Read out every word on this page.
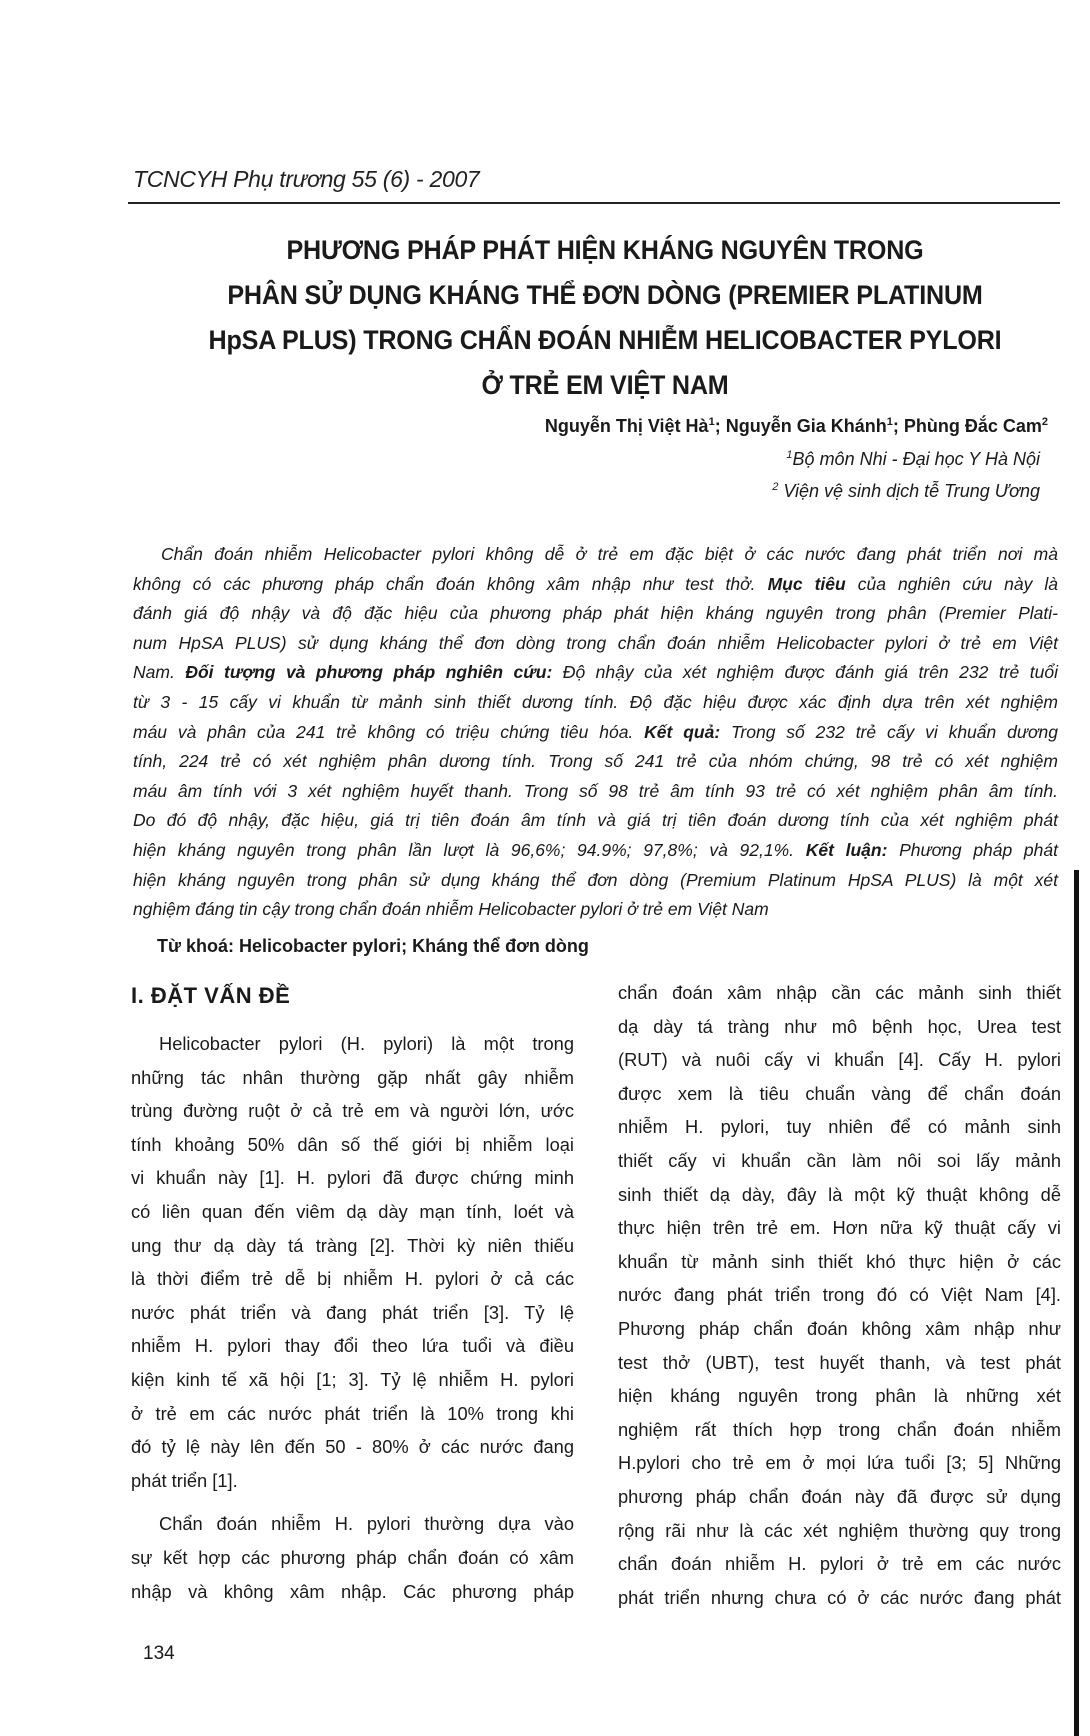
TCNCYH Phụ trương 55 (6) - 2007
PHƯƠNG PHÁP PHÁT HIỆN KHÁNG NGUYÊN TRONG
PHÂN SỬ DỤNG KHÁNG THỂ ĐƠN DÒNG (PREMIER PLATINUM
HpSA PLUS) TRONG CHẨN ĐOÁN NHIỄM HELICOBACTER PYLORI
Ở TRẺ EM VIỆT NAM
Nguyễn Thị Việt $Hà^1$; Nguyễn Gia Khánh$^1$; Phùng Đắc Cam$^2$
$^1$Bộ môn Nhi - Đại học Y Hà Nội
$^2$ Viện vệ sinh dịch tễ Trung Ương
Chẩn đoán nhiễm Helicobacter pylori không dễ ở trẻ em đặc biệt ở các nước đang phát triển nơi mà
không có các phương pháp chẩn đoán không xâm nhập như test thở. Mục tiêu của nghiên cứu này là
đánh giá độ nhậy và độ đặc hiệu của phương pháp phát hiện kháng nguyên trong phân (Premier Plati-
num HpSA PLUS) sử dụng kháng thể đơn dòng trong chẩn đoán nhiễm Helicobacter pylori ở trẻ em Việt
Nam. Đối tượng và phương pháp nghiên cứu: Độ nhậy của xét nghiệm được đánh giá trên 232 trẻ tuổi
từ 3 - 15 cấy vi khuẩn từ mảnh sinh thiết dương tính. Độ đặc hiệu được xác định dựa trên xét nghiệm
máu và phân của 241 trẻ không có triệu chứng tiêu hóa. Kết quả: Trong số 232 trẻ cấy vi khuẩn dương
tính, 224 trẻ có xét nghiệm phân dương tính. Trong số 241 trẻ của nhóm chứng, 98 trẻ có xét nghiệm
máu âm tính với 3 xét nghiệm huyết thanh. Trong số 98 trẻ âm tính 93 trẻ có xét nghiệm phân âm tính.
Do đó độ nhậy, đặc hiệu, giá trị tiên đoán âm tính và giá trị tiên đoán dương tính của xét nghiệm phát
hiện kháng nguyên trong phân lần lượt là 96,6%; 94.9%; 97,8%; và 92,1%. Kết luận: Phương pháp phát
hiện kháng nguyên trong phân sử dụng kháng thể đơn dòng (Premium Platinum HpSA PLUS) là một xét
nghiệm đáng tin cậy trong chẩn đoán nhiễm Helicobacter pylori ở trẻ em Việt Nam
Từ khoá: Helicobacter pylori; Kháng thể đơn dòng
I. ĐẶT VẤN ĐỀ
Helicobacter pylori (H. pylori) là một trong
những tác nhân thường gặp nhất gây nhiễm
trùng đường ruột ở cả trẻ em và người lớn, ước
tính khoảng 50% dân số thế giới bị nhiễm loại
vi khuẩn này [1]. H. pylori đã được chứng minh
có liên quan đến viêm dạ dày mạn tính, loét và
ung thư dạ dày tá tràng [2]. Thời kỳ niên thiếu
là thời điểm trẻ dễ bị nhiễm H. pylori ở cả các
nước phát triển và đang phát triển [3]. Tỷ lệ
nhiễm H. pylori thay đổi theo lứa tuổi và điều
kiện kinh tế xã hội [1; 3]. Tỷ lệ nhiễm H. pylori
ở trẻ em các nước phát triển là 10% trong khi
đó tỷ lệ này lên đến 50 - 80% ở các nước đang
phát triển [1].
Chẩn đoán nhiễm H. pylori thường dựa vào
sự kết hợp các phương pháp chẩn đoán có xâm
nhập và không xâm nhập. Các phương pháp
chẩn đoán xâm nhập cần các mảnh sinh thiết
dạ dày tá tràng như mô bệnh học, Urea test
(RUT) và nuôi cấy vi khuẩn [4]. Cấy H. pylori
được xem là tiêu chuẩn vàng để chẩn đoán
nhiễm H. pylori, tuy nhiên để có mảnh sinh
thiết cấy vi khuẩn cần làm nôi soi lấy mảnh
sinh thiết dạ dày, đây là một kỹ thuật không dễ
thực hiện trên trẻ em. Hơn nữa kỹ thuật cấy vi
khuẩn từ mảnh sinh thiết khó thực hiện ở các
nước đang phát triển trong đó có Việt Nam [4].
Phương pháp chẩn đoán không xâm nhập như
test thở (UBT), test huyết thanh, và test phát
hiện kháng nguyên trong phân là những xét
nghiệm rất thích hợp trong chẩn đoán nhiễm
H.pylori cho trẻ em ở mọi lứa tuổi [3; 5] Những
phương pháp chẩn đoán này đã được sử dụng
rộng rãi như là các xét nghiệm thường quy trong
chẩn đoán nhiễm H. pylori ở trẻ em các nước
phát triển nhưng chưa có ở các nước đang phát
134
